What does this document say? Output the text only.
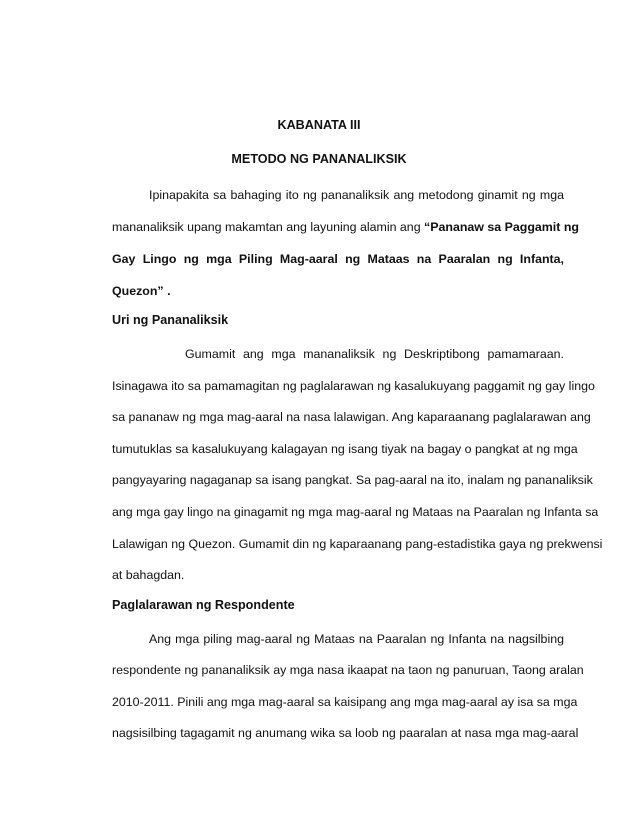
KABANATA III
METODO NG PANANALIKSIK
Ipinapakita sa bahaging ito ng pananaliksik ang metodong ginamit ng mga
mananaliksik upang makamtan ang layuning alamin ang “Pananaw sa Paggamit ng
Gay Lingo ng mga Piling Mag-aaral ng Mataas na Paaralan ng Infanta,
Quezon” .
Uri ng Pananaliksik
Gumamit ang mga mananaliksik ng Deskriptibong pamamaraan.
Isinagawa ito sa pamamagitan ng paglalarawan ng kasalukuyang paggamit ng gay lingo
sa pananaw ng mga mag-aaral na nasa lalawigan. Ang kaparaanang paglalarawan ang
tumutuklas sa kasalukuyang kalagayan ng isang tiyak na bagay o pangkat at ng mga
pangyayaring nagaganap sa isang pangkat. Sa pag-aaral na ito, inalam ng pananaliksik
ang mga gay lingo na ginagamit ng mga mag-aaral ng Mataas na Paaralan ng Infanta sa
Lalawigan ng Quezon. Gumamit din ng kaparaanang pang-estadistika gaya ng prekwensi
at bahagdan.
Paglalarawan ng Respondente
Ang mga piling mag-aaral ng Mataas na Paaralan ng Infanta na nagsilbing
respondente ng pananaliksik ay mga nasa ikaapat na taon ng panuruan, Taong aralan
2010-2011. Pinili ang mga mag-aaral sa kaisipang ang mga mag-aaral ay isa sa mga
nagsisilbing tagagamit ng anumang wika sa loob ng paaralan at nasa mga mag-aaral
